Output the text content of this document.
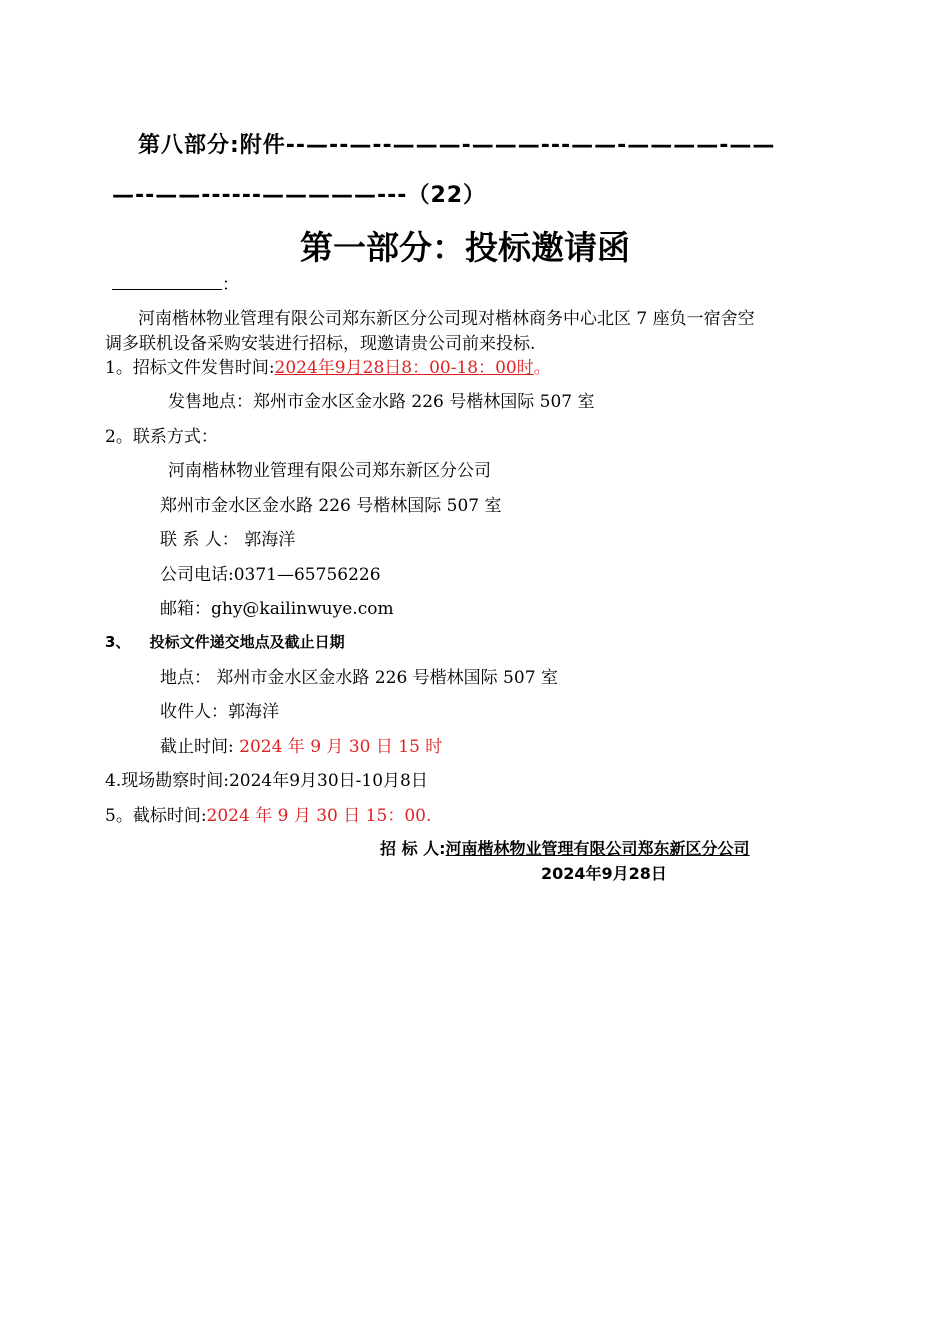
第八部分:附件--—--—--———-———---——-————-——
—--——------—————---（22）
第一部分：投标邀请函
：
河南楷林物业管理有限公司郑东新区分公司现对楷林商务中心北区 7 座负一宿舍空
调多联机设备采购安装进行招标，现邀请贵公司前来投标.
1。招标文件发售时间:2024年9月28日8：00-18：00时。
发售地点：郑州市金水区金水路 226 号楷林国际 507 室
2。联系方式：
河南楷林物业管理有限公司郑东新区分公司
郑州市金水区金水路 226 号楷林国际 507 室
联 系 人： 郭海洋
公司电话:0371—65756226
邮箱：ghy@kailinwuye.com
3、 投标文件递交地点及截止日期
地点： 郑州市金水区金水路 226 号楷林国际 507 室
收件人：郭海洋
截止时间: 2024 年 9 月 30 日 15 时
4.现场勘察时间:2024年9月30日-10月8日
5。截标时间:2024 年 9 月 30 日 15：00.
招 标 人:河南楷林物业管理有限公司郑东新区分公司
2024年9月28日
